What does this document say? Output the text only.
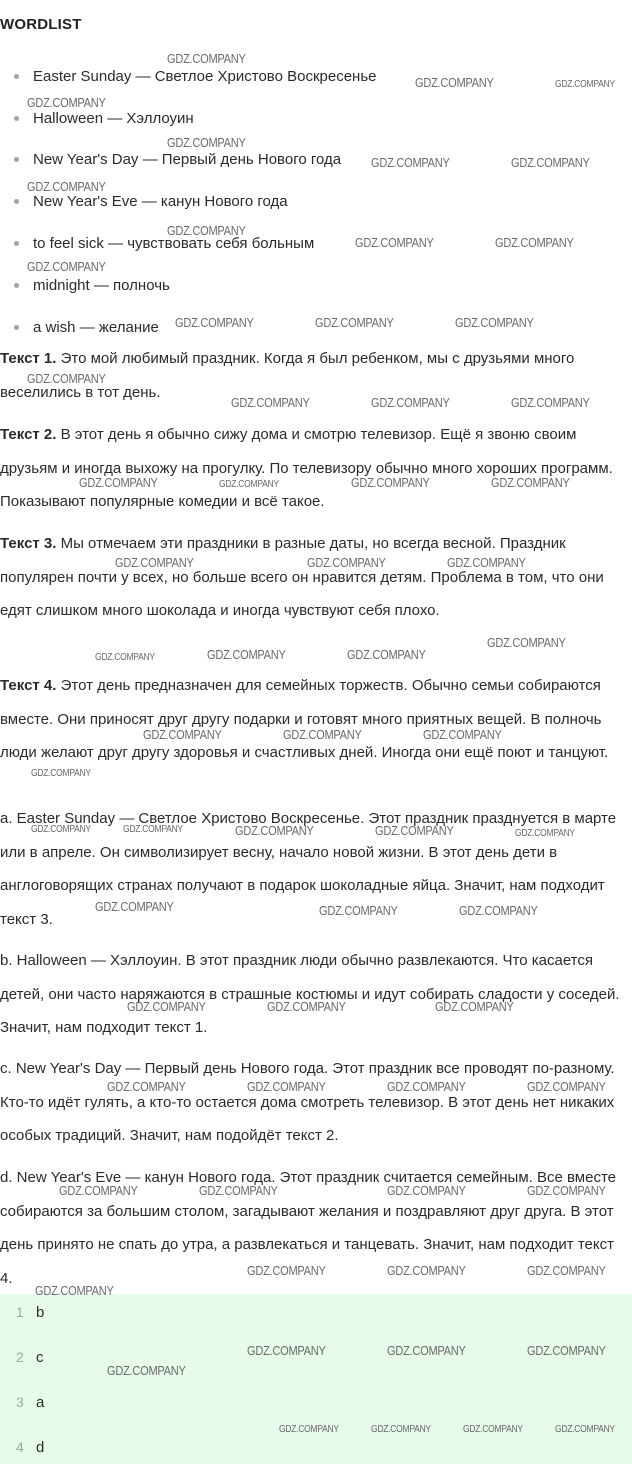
WORDLIST
Easter Sunday — Светлое Христово Воскресенье
Halloween — Хэллоуин
New Year's Day — Первый день Нового года
New Year's Eve — канун Нового года
to feel sick — чувствовать себя больным
midnight — полночь
a wish — желание

Текст 1. Это мой любимый праздник. Когда я был ребенком, мы с друзьями много веселились в тот день.

Текст 2. В этот день я обычно сижу дома и смотрю телевизор. Ещё я звоню своим друзьям и иногда выхожу на прогулку. По телевизору обычно много хороших программ. Показывают популярные комедии и всё такое.

Текст 3. Мы отмечаем эти праздники в разные даты, но всегда весной. Праздник популярен почти у всех, но больше всего он нравится детям. Проблема в том, что они едят слишком много шоколада и иногда чувствуют себя плохо.

Текст 4. Этот день предназначен для семейных торжеств. Обычно семьи собираются вместе. Они приносят друг другу подарки и готовят много приятных вещей. В полночь люди желают друг другу здоровья и счастливых дней. Иногда они ещё поют и танцуют.

a. Easter Sunday — Светлое Христово Воскресенье. Этот праздник празднуется в марте или в апреле. Он символизирует весну, начало новой жизни. В этот день дети в англоговорящих странах получают в подарок шоколадные яйца. Значит, нам подходит текст 3.

b. Halloween — Хэллоуин. В этот праздник люди обычно развлекаются. Что касается детей, они часто наряжаются в страшные костюмы и идут собирать сладости у соседей. Значит, нам подходит текст 1.

c. New Year's Day — Первый день Нового года. Этот праздник все проводят по-разному. Кто-то идёт гулять, а кто-то остается дома смотреть телевизор. В этот день нет никаких особых традиций. Значит, нам подойдёт текст 2.

d. New Year's Eve — канун Нового года. Этот праздник считается семейным. Все вместе собираются за большим столом, загадывают желания и поздравляют друг друга. В этот день принято не спать до утра, а развлекаться и танцевать. Значит, нам подходит текст 4.

1 b
2 c
3 a
4 d
GDZ.COMPANY
GDZ.COMPANY	GDZ.COMPANY
GDZ.COMPANY
GDZ.COMPANY
GDZ.COMPANY	GDZ.COMPANY
GDZ.COMPANY
GDZ.COMPANY
GDZ.COMPANY	GDZ.COMPANY
GDZ.COMPANY
GDZ.COMPANY	GDZ.COMPANY	GDZ.COMPANY
GDZ.COMPANY
GDZ.COMPANY	GDZ.COMPANY	GDZ.COMPANY
GDZ.COMPANY	GDZ.COMPANY	GDZ.COMPANY	GDZ.COMPANY
GDZ.COMPANY	GDZ.COMPANY	GDZ.COMPANY
GDZ.COMPANY
GDZ.COMPANY	GDZ.COMPANY	GDZ.COMPANY
GDZ.COMPANY	GDZ.COMPANY	GDZ.COMPANY
GDZ.COMPANY
GDZ.COMPANY	GDZ.COMPANY	GDZ.COMPANY	GDZ.COMPANY	GDZ.COMPANY
GDZ.COMPANY	GDZ.COMPANY	GDZ.COMPANY
GDZ.COMPANY	GDZ.COMPANY	GDZ.COMPANY
GDZ.COMPANY	GDZ.COMPANY	GDZ.COMPANY	GDZ.COMPANY
GDZ.COMPANY	GDZ.COMPANY	GDZ.COMPANY	GDZ.COMPANY
GDZ.COMPANY	GDZ.COMPANY	GDZ.COMPANY
GDZ.COMPANY
GDZ.COMPANY	GDZ.COMPANY	GDZ.COMPANY
GDZ.COMPANY
GDZ.COMPANY	GDZ.COMPANY	GDZ.COMPANY	GDZ.COMPANY
